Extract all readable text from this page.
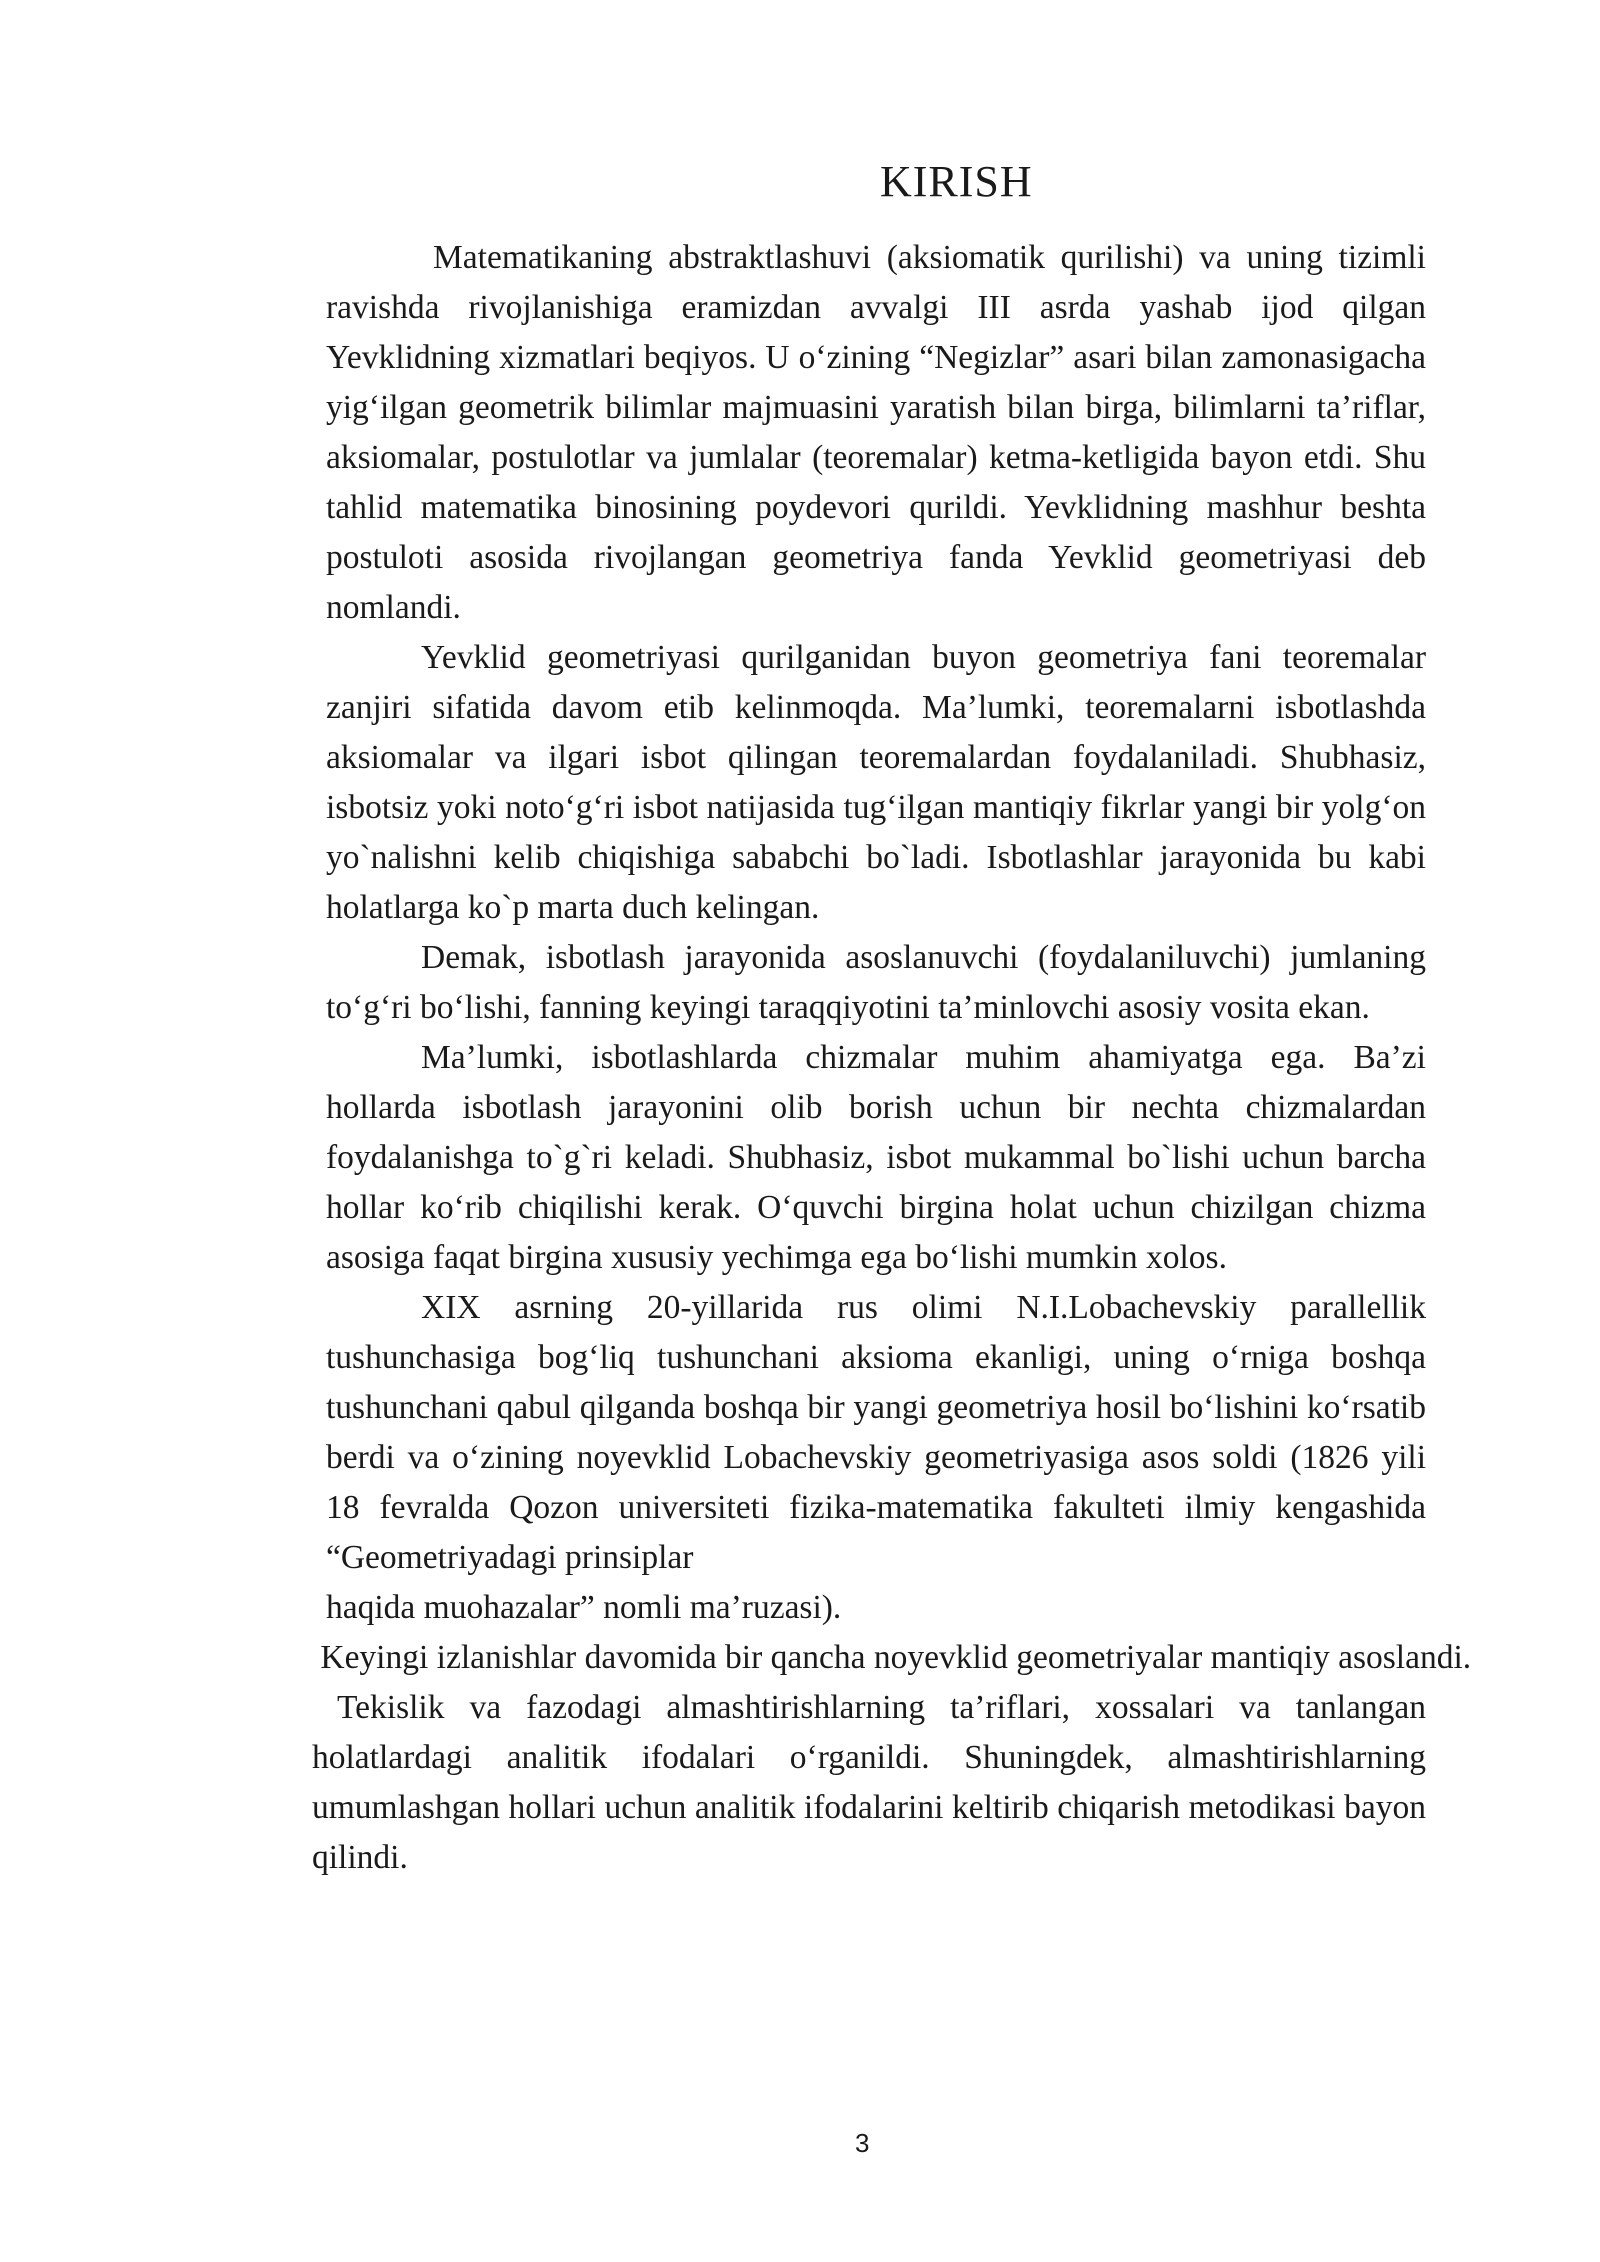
KIRISH

Matematikaning abstraktlashuvi (aksiomatik qurilishi) va uning tizimli ravishda rivojlanishiga eramizdan avvalgi III asrda yashab ijod qilgan Yevklidning xizmatlari beqiyos. U o‘zining “Negizlar” asari bilan zamonasigacha yig‘ilgan geometrik bilimlar majmuasini yaratish bilan birga, bilimlarni ta’riflar, aksiomalar, postulotlar va jumlalar (teoremalar) ketma-ketligida bayon etdi. Shu tahlid matematika binosining poydevori qurildi. Yevklidning mashhur beshta postuloti asosida rivojlangan geometriya fanda Yevklid geometriyasi deb nomlandi.

Yevklid geometriyasi qurilganidan buyon geometriya fani teoremalar zanjiri sifatida davom etib kelinmoqda. Ma’lumki, teoremalarni isbotlashda aksiomalar va ilgari isbot qilingan teoremalardan foydalaniladi. Shubhasiz, isbotsiz yoki noto‘g‘ri isbot natijasida tug‘ilgan mantiqiy fikrlar yangi bir yolg‘on yo`nalishni kelib chiqishiga sababchi bo`ladi. Isbotlashlar jarayonida bu kabi holatlarga ko`p marta duch kelingan.

Demak, isbotlash jarayonida asoslanuvchi (foydalaniluvchi) jumlaning to‘g‘ri bo‘lishi, fanning keyingi taraqqiyotini ta’minlovchi asosiy vosita ekan.

Ma’lumki, isbotlashlarda chizmalar muhim ahamiyatga ega. Ba’zi hollarda isbotlash jarayonini olib borish uchun bir nechta chizmalardan foydalanishga to`g`ri keladi. Shubhasiz, isbot mukammal bo`lishi uchun barcha hollar ko‘rib chiqilishi kerak. O‘quvchi birgina holat uchun chizilgan chizma asosiga faqat birgina xususiy yechimga ega bo‘lishi mumkin xolos.

XIX asrning 20-yillarida rus olimi N.I.Lobachevskiy parallellik tushunchasiga bog‘liq tushunchani aksioma ekanligi, uning o‘rniga boshqa tushunchani qabul qilganda boshqa bir yangi geometriya hosil bo‘lishini ko‘rsatib berdi va o‘zining noyevklid Lobachevskiy geometriyasiga asos soldi (1826 yili 18 fevralda Qozon universiteti fizika-matematika fakulteti ilmiy kengashida “Geometriyadagi prinsiplar

haqida muohazalar” nomli ma’ruzasi).

Keyingi izlanishlar davomida bir qancha noyevklid geometriyalar mantiqiy asoslandi.

Tekislik va fazodagi almashtirishlarning ta’riflari, xossalari va tanlangan holatlardagi analitik ifodalari o‘rganildi. Shuningdek, almashtirishlarning umumlashgan hollari uchun analitik ifodalarini keltirib chiqarish metodikasi bayon qilindi.

3
